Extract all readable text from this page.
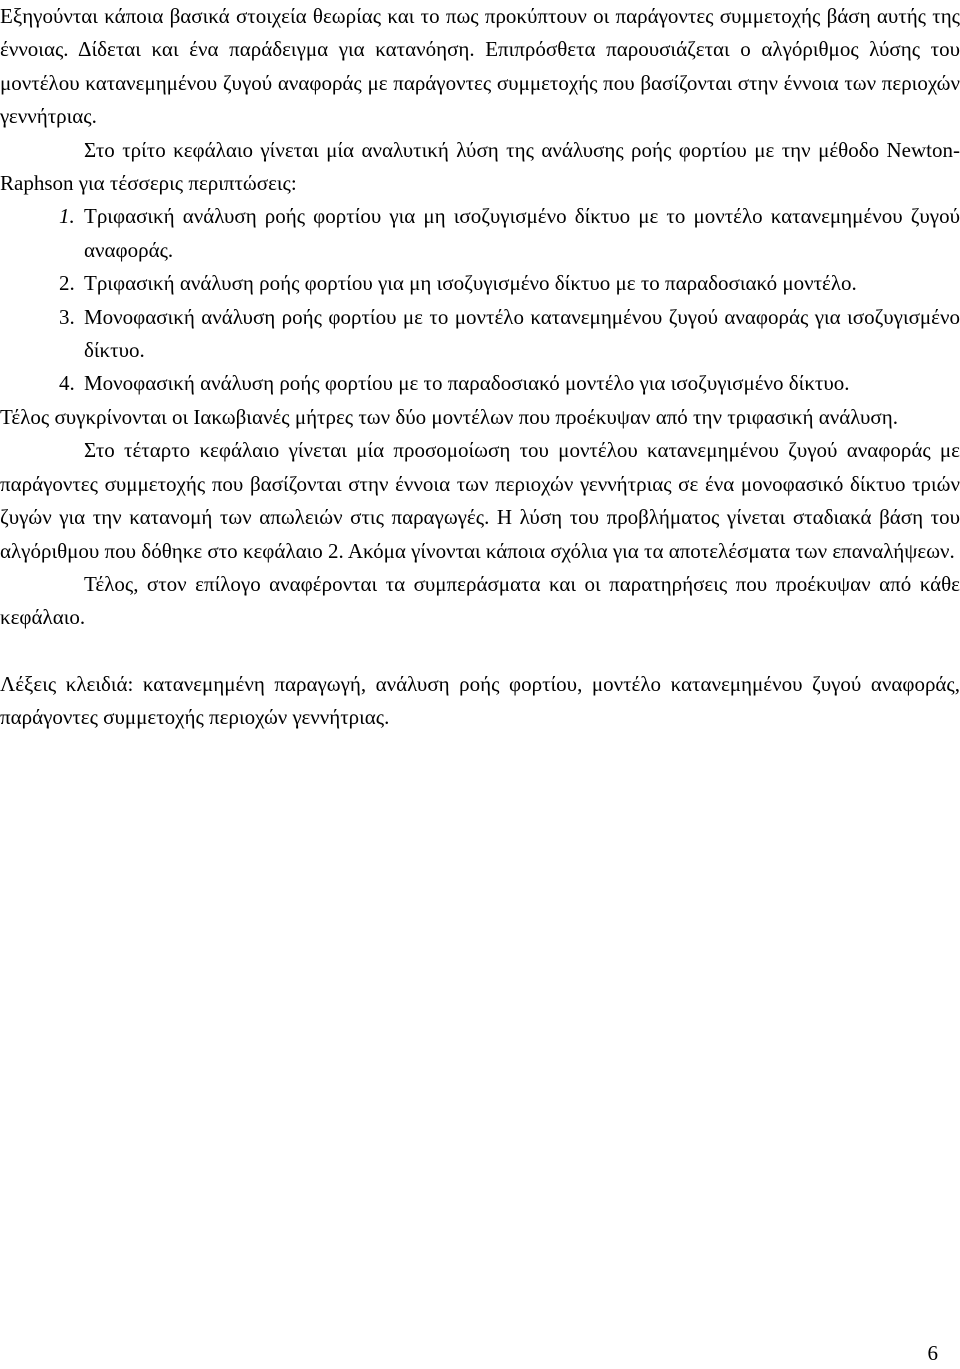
Εξηγούνται κάποια βασικά στοιχεία θεωρίας και το πως προκύπτουν οι παράγοντες συμμετοχής βάση αυτής της έννοιας. Δίδεται και ένα παράδειγμα για κατανόηση. Επιπρόσθετα παρουσιάζεται ο αλγόριθμος λύσης του μοντέλου κατανεμημένου ζυγού αναφοράς με παράγοντες συμμετοχής που βασίζονται στην έννοια των περιοχών γεννήτριας.

Στο τρίτο κεφάλαιο γίνεται μία αναλυτική λύση της ανάλυσης ροής φορτίου με την μέθοδο Newton-Raphson για τέσσερις περιπτώσεις:

1. Τριφασική ανάλυση ροής φορτίου για μη ισοζυγισμένο δίκτυο με το μοντέλο κατανεμημένου ζυγού αναφοράς.
2. Τριφασική ανάλυση ροής φορτίου για μη ισοζυγισμένο δίκτυο με το παραδοσιακό μοντέλο.
3. Μονοφασική ανάλυση ροής φορτίου με το μοντέλο κατανεμημένου ζυγού αναφοράς για ισοζυγισμένο δίκτυο.
4. Μονοφασική ανάλυση ροής φορτίου με το παραδοσιακό μοντέλο για ισοζυγισμένο δίκτυο.

Τέλος συγκρίνονται οι Ιακωβιανές μήτρες των δύο μοντέλων που προέκυψαν από την τριφασική ανάλυση.

Στο τέταρτο κεφάλαιο γίνεται μία προσομοίωση του μοντέλου κατανεμημένου ζυγού αναφοράς με παράγοντες συμμετοχής που βασίζονται στην έννοια των περιοχών γεννήτριας σε ένα μονοφασικό δίκτυο τριών ζυγών για την κατανομή των απωλειών στις παραγωγές. Η λύση του προβλήματος γίνεται σταδιακά βάση του αλγόριθμου που δόθηκε στο κεφάλαιο 2. Ακόμα γίνονται κάποια σχόλια για τα αποτελέσματα των επαναλήψεων.

Τέλος, στον επίλογο αναφέρονται τα συμπεράσματα και οι παρατηρήσεις που προέκυψαν από κάθε κεφάλαιο.

Λέξεις κλειδιά: κατανεμημένη παραγωγή, ανάλυση ροής φορτίου, μοντέλο κατανεμημένου ζυγού αναφοράς, παράγοντες συμμετοχής περιοχών γεννήτριας.

6
